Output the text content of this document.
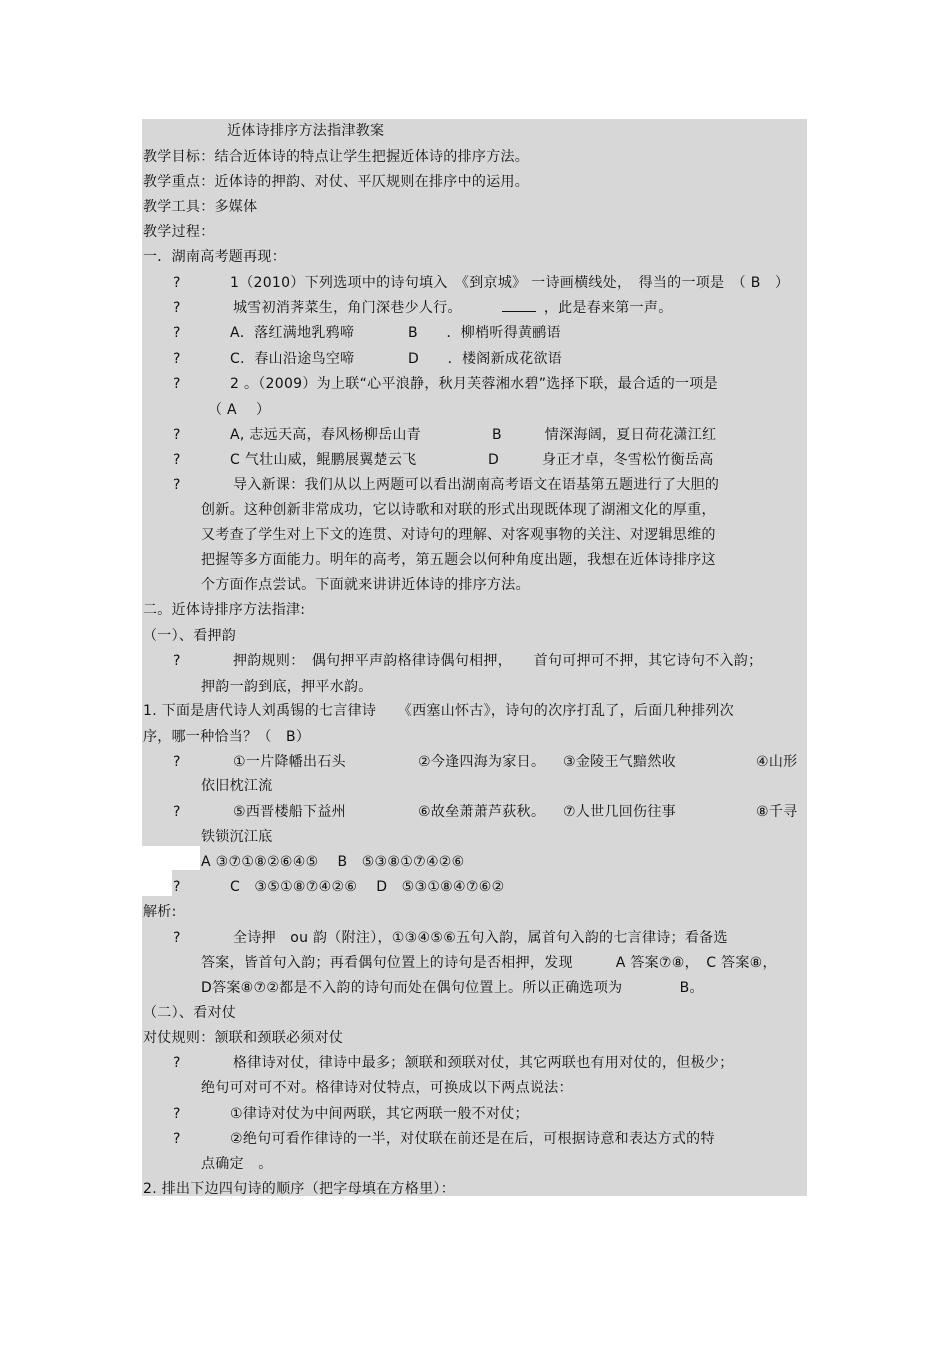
近体诗排序方法指津教案
教学目标：结合近体诗的特点让学生把握近体诗的排序方法。
教学重点：近体诗的押韵、对仗、平仄规则在排序中的运用。
教学工具：多媒体
教学过程：
一．湖南高考题再现：
?	1（2010）下列选项中的诗句填入　《到京城》 一诗画横线处，　得当的一项是　（ B　）
?	城雪初消荠菜生，角门深巷少人行。	，此是春来第一声。
?	A．落红满地乳鸦啼	B　　．柳梢听得黄鹂语
?	C．春山沿途鸟空啼	D　　．楼阁新成花欲语
?	2 。（2009）为上联“心平浪静，秋月芙蓉湘水碧”选择下联，最合适的一项是
（ A　 ）
?	A, 志远天高，春风杨柳岳山青	B　　　情深海阔，夏日荷花潇江红
?	C 气壮山威，鲲鹏展翼楚云飞	D　　　身正才卓，冬雪松竹衡岳高
?	导入新课：我们从以上两题可以看出湖南高考语文在语基第五题进行了大胆的
创新。这种创新非常成功，它以诗歌和对联的形式出现既体现了湖湘文化的厚重，
又考查了学生对上下文的连贯、对诗句的理解、对客观事物的关注、对逻辑思维的
把握等多方面能力。明年的高考，第五题会以何种角度出题，我想在近体诗排序这
个方面作点尝试。下面就来讲讲近体诗的排序方法。
二。近体诗排序方法指津:
（一）、看押韵
?	押韵规则：　偶句押平声韵格律诗偶句相押，　　首句可押可不押，其它诗句不入韵；
押韵一韵到底，押平水韵。
1. 下面是唐代诗人刘禹锡的七言律诗　　《西塞山怀古》，诗句的次序打乱了，后面几种排列次
序，哪一种恰当？（　B）
?	①一片降幡出石头	②今逢四海为家日。 ③金陵王气黯然收	④山形
依旧枕江流
?	⑤西晋楼船下益州	⑥故垒萧萧芦荻秋。 ⑦人世几回伤往事	⑧千寻
铁锁沉江底
A ③⑦①⑧②⑥④⑤　 B　⑤③⑧①⑦④②⑥
?	C　③⑤①⑧⑦④②⑥　 D　⑤③①⑧④⑦⑥②
解析:
?	全诗押　ou 韵（附注），①③④⑤⑥五句入韵，属首句入韵的七言律诗；看备选
答案，皆首句入韵；再看偶句位置上的诗句是否相押，发现　　　A 答案⑦⑧，　C 答案⑧，
D答案⑧⑦②都是不入韵的诗句而处在偶句位置上。所以正确选项为　　　　B。
（二）、看对仗
对仗规则：颔联和颈联必须对仗
?	格律诗对仗，律诗中最多；颔联和颈联对仗，其它两联也有用对仗的，但极少；
绝句可对可不对。格律诗对仗特点，可换成以下两点说法：
?	①律诗对仗为中间两联，其它两联一般不对仗；
?	②绝句可看作律诗的一半，对仗联在前还是在后，可根据诗意和表达方式的特
点确定　。
2. 排出下边四句诗的顺序（把字母填在方格里）：
